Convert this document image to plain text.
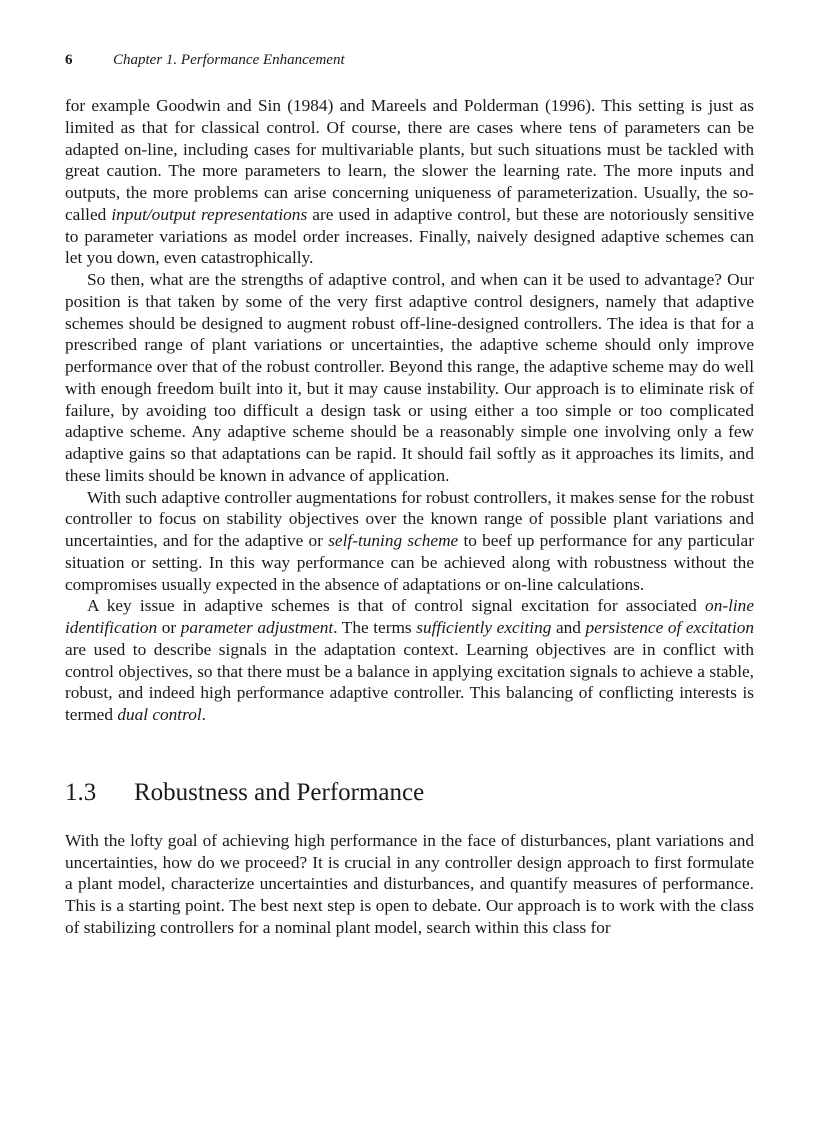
6	Chapter 1. Performance Enhancement

for example Goodwin and Sin (1984) and Mareels and Polderman (1996). This setting is just as limited as that for classical control. Of course, there are cases where tens of parameters can be adapted on-line, including cases for multivariable plants, but such situations must be tackled with great caution. The more parameters to learn, the slower the learning rate. The more inputs and outputs, the more problems can arise concerning uniqueness of parameterization. Usually, the so-called input/output representations are used in adaptive control, but these are notoriously sensitive to parameter variations as model order increases. Finally, naively designed adaptive schemes can let you down, even catastrophically.

So then, what are the strengths of adaptive control, and when can it be used to advantage? Our position is that taken by some of the very first adaptive control designers, namely that adaptive schemes should be designed to augment robust off-line-designed controllers. The idea is that for a prescribed range of plant variations or uncertainties, the adaptive scheme should only improve performance over that of the robust controller. Beyond this range, the adaptive scheme may do well with enough freedom built into it, but it may cause instability. Our approach is to eliminate risk of failure, by avoiding too difficult a design task or using either a too simple or too complicated adaptive scheme. Any adaptive scheme should be a reasonably simple one involving only a few adaptive gains so that adaptations can be rapid. It should fail softly as it approaches its limits, and these limits should be known in advance of application.

With such adaptive controller augmentations for robust controllers, it makes sense for the robust controller to focus on stability objectives over the known range of possible plant variations and uncertainties, and for the adaptive or self-tuning scheme to beef up performance for any particular situation or setting. In this way performance can be achieved along with robustness without the compromises usually expected in the absence of adaptations or on-line calculations.

A key issue in adaptive schemes is that of control signal excitation for associated on-line identification or parameter adjustment. The terms sufficiently exciting and persistence of excitation are used to describe signals in the adaptation context. Learning objectives are in conflict with control objectives, so that there must be a balance in applying excitation signals to achieve a stable, robust, and indeed high performance adaptive controller. This balancing of conflicting interests is termed dual control.

1.3 Robustness and Performance

With the lofty goal of achieving high performance in the face of disturbances, plant variations and uncertainties, how do we proceed? It is crucial in any controller design approach to first formulate a plant model, characterize uncertainties and disturbances, and quantify measures of performance. This is a starting point. The best next step is open to debate. Our approach is to work with the class of stabilizing controllers for a nominal plant model, search within this class for
